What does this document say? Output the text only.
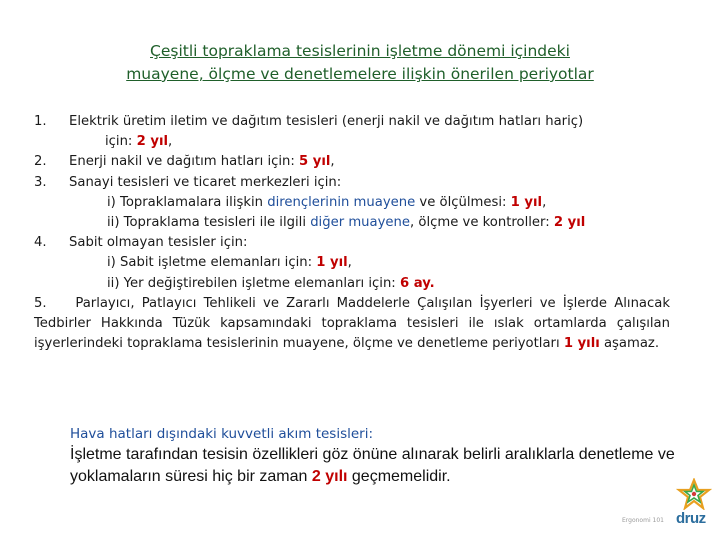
Çeşitli topraklama tesislerinin işletme dönemi içindeki
muayene, ölçme ve denetlemelere ilişkin önerilen periyotlar
1. Elektrik üretim iletim ve dağıtım tesisleri (enerji nakil ve dağıtım hatları hariç)
için: 2 yıl,
2. Enerji nakil ve dağıtım hatları için: 5 yıl,
3. Sanayi tesisleri ve ticaret merkezleri için:
i) Topraklamalara ilişkin dirençlerinin muayene ve ölçülmesi: 1 yıl,
ii) Topraklama tesisleri ile ilgili diğer muayene, ölçme ve kontroller: 2 yıl
4. Sabit olmayan tesisler için:
i) Sabit işletme elemanları için: 1 yıl,
ii) Yer değiştirebilen işletme elemanları için: 6 ay.
5. Parlayıcı, Patlayıcı Tehlikeli ve Zararlı Maddelerle Çalışılan İşyerleri ve İşlerde Alınacak Tedbirler Hakkında Tüzük kapsamındaki topraklama tesisleri ile ıslak ortamlarda çalışılan işyerlerindeki topraklama tesislerinin muayene, ölçme ve denetleme periyotları 1 yılı aşamaz.
Hava hatları dışındaki kuvvetli akım tesisleri:
İşletme tarafından tesisin özellikleri göz önüne alınarak belirli aralıklarla denetleme ve yoklamaların süresi hiç bir zaman 2 yılı geçmemelidir.
Ergonomi 101 druz
